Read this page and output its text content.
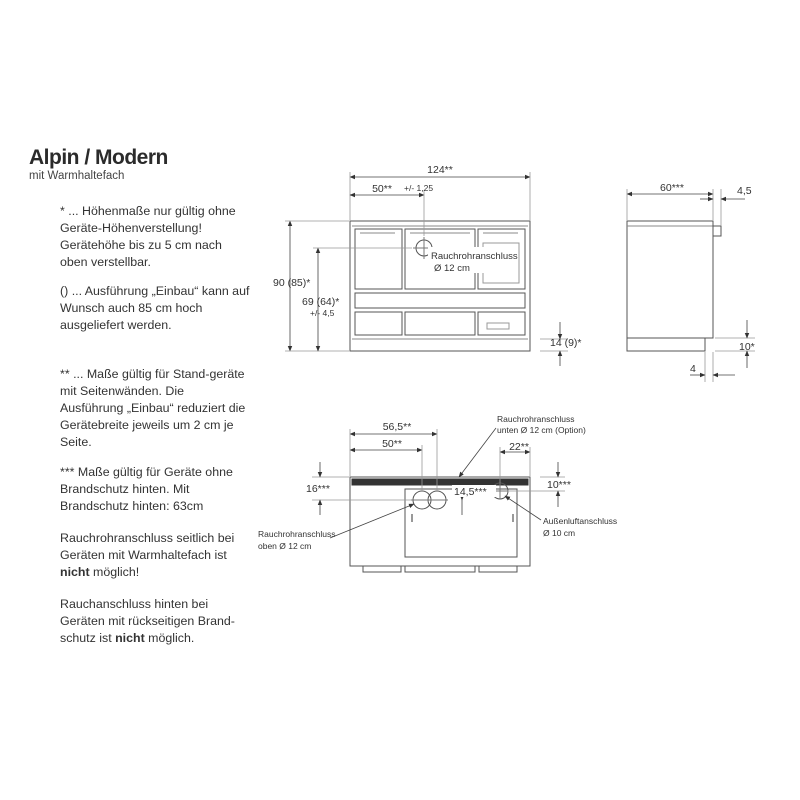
Alpin / Modern
mit Warmhaltefach
* ... Höhenmaße nur gültig ohne Geräte-Höhenverstellung! Gerätehöhe bis zu 5 cm nach oben verstellbar.
() ... Ausführung „Einbau“ kann auf Wunsch auch 85 cm hoch ausgeliefert werden.
** ... Maße gültig für Stand-geräte mit Seitenwänden. Die Ausführung „Einbau“ reduziert die Gerätebreite jeweils um 2 cm je Seite.
*** Maße gültig für Geräte ohne Brandschutz hinten. Mit Brandschutz hinten: 63cm
Rauchrohranschluss seitlich bei Geräten mit Warmhaltefach ist nicht möglich!
Rauchanschluss hinten bei Geräten mit rückseitigen Brand-schutz ist nicht möglich.
124**
50** +/- 1,25
90 (85)*
69 (64)*
+/- 4,5
14 (9)*
Rauchrohranschluss
Ø 12 cm
60***	4,5
10*
4
56,5**
50**	22**
16***	14,5***
10***
Rauchrohranschluss
unten Ø 12 cm (Option)
Rauchrohranschluss
oben Ø 12 cm
Außenluftanschluss
Ø 10 cm
